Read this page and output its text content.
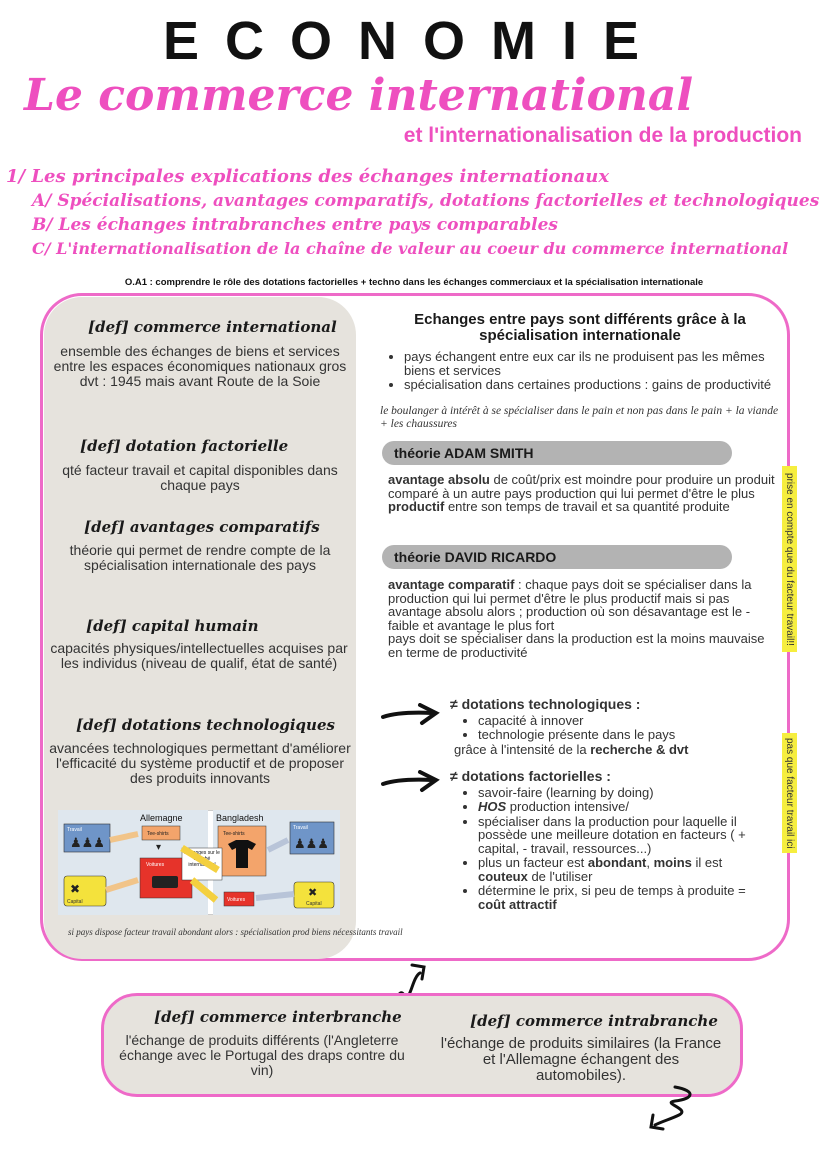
ECONOMIE
Le commerce international
et l'internationalisation de la production
1/ Les principales explications des échanges internationaux
A/ Spécialisations, avantages comparatifs, dotations factorielles et technologiques
B/ Les échanges intrabranches entre pays comparables
C/ L'internationalisation de la chaîne de valeur au coeur du commerce international
O.A1 : comprendre le rôle des dotations factorielles + techno dans les échanges commerciaux et la spécialisation internationale
[def] commerce international
ensemble des échanges de biens et services entre les espaces économiques nationaux gros dvt : 1945 mais avant Route de la Soie
[def] dotation factorielle
qté facteur travail et capital disponibles dans chaque pays
[def] avantages comparatifs
théorie qui permet de rendre compte de la spécialisation internationale des pays
[def] capital humain
capacités physiques/intellectuelles acquises par les individus (niveau de qualif, état de santé)
[def] dotations technologiques
avancées technologiques permettant d'améliorer l'efficacité du système productif et de proposer des produits innovants
Allemagne	Bangladesh
Travail
♟♟♟
Travail
♟♟♟
✖
Capital
✖
Capital
Tee-shirts
▾
Voitures
Tee-shirts
Voitures
Echanges sur le marché international
si pays dispose facteur travail abondant alors : spécialisation prod biens nécessitants travail
Echanges entre pays sont différents grâce à la spécialisation internationale
• pays échangent entre eux car ils ne produisent pas les mêmes biens et services
• spécialisation dans certaines productions : gains de productivité
le boulanger à intérêt à se spécialiser dans le pain et non pas dans le pain + la viande + les chaussures
théorie ADAM SMITH
avantage absolu de coût/prix est moindre pour produire un produit comparé à un autre pays production qui lui permet d'être le plus productif entre son temps de travail et sa quantité produite
théorie DAVID RICARDO
avantage comparatif : chaque pays doit se spécialiser dans la production qui lui permet d'être le plus productif mais si pas avantage absolu alors ; production où son désavantage est le - faible et avantage le plus fort
pays doit se spécialiser dans la production est la moins mauvaise en terme de productivité
prise en compte que du facteur travail!!
pas que facteur travail ici
≠ dotations technologiques :
• capacité à innover
• technologie présente dans le pays
grâce à l'intensité de la recherche & dvt
≠ dotations factorielles :
• savoir-faire (learning by doing)
• HOS production intensive/
• spécialiser dans la production pour laquelle il possède une meilleure dotation en facteurs ( + capital, - travail, ressources...)
• plus un facteur est abondant, moins il est couteux de l'utiliser
• détermine le prix, si peu de temps à produite = coût attractif
[def] commerce interbranche
l'échange de produits différents (l'Angleterre échange avec le Portugal des draps contre du vin)
[def] commerce intrabranche
l'échange de produits similaires (la France et l'Allemagne échangent des automobiles).
